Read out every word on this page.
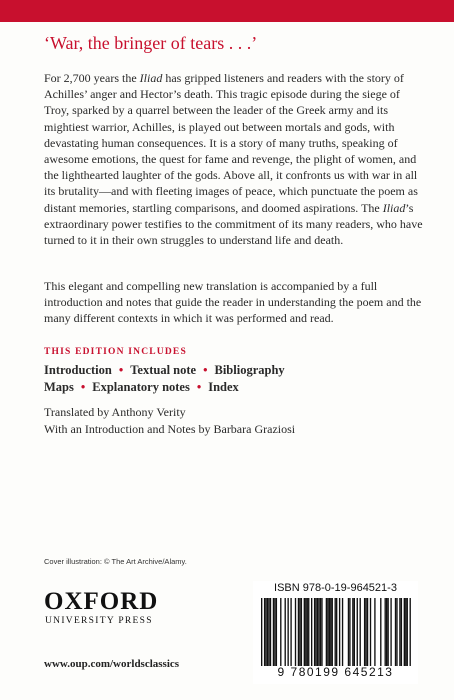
‘War, the bringer of tears . . .’

For 2,700 years the Iliad has gripped listeners and readers with the story of Achilles’ anger and Hector’s death. This tragic episode during the siege of Troy, sparked by a quarrel between the leader of the Greek army and its mightiest warrior, Achilles, is played out between mortals and gods, with devastating human consequences. It is a story of many truths, speaking of awesome emotions, the quest for fame and revenge, the plight of women, and the lighthearted laughter of the gods. Above all, it confronts us with war in all its brutality—and with fleeting images of peace, which punctuate the poem as distant memories, startling comparisons, and doomed aspirations. The Iliad’s extraordinary power testifies to the commitment of its many readers, who have turned to it in their own struggles to understand life and death.

This elegant and compelling new translation is accompanied by a full introduction and notes that guide the reader in understanding the poem and the many different contexts in which it was performed and read.

THIS EDITION INCLUDES
Introduction • Textual note • Bibliography
Maps • Explanatory notes • Index
Translated by Anthony Verity
With an Introduction and Notes by Barbara Graziosi
Cover illustration: © The Art Archive/Alamy.
OXFORD
UNIVERSITY PRESS
www.oup.com/worldsclassics
ISBN 978-0-19-964521-3
9 780199 645213
